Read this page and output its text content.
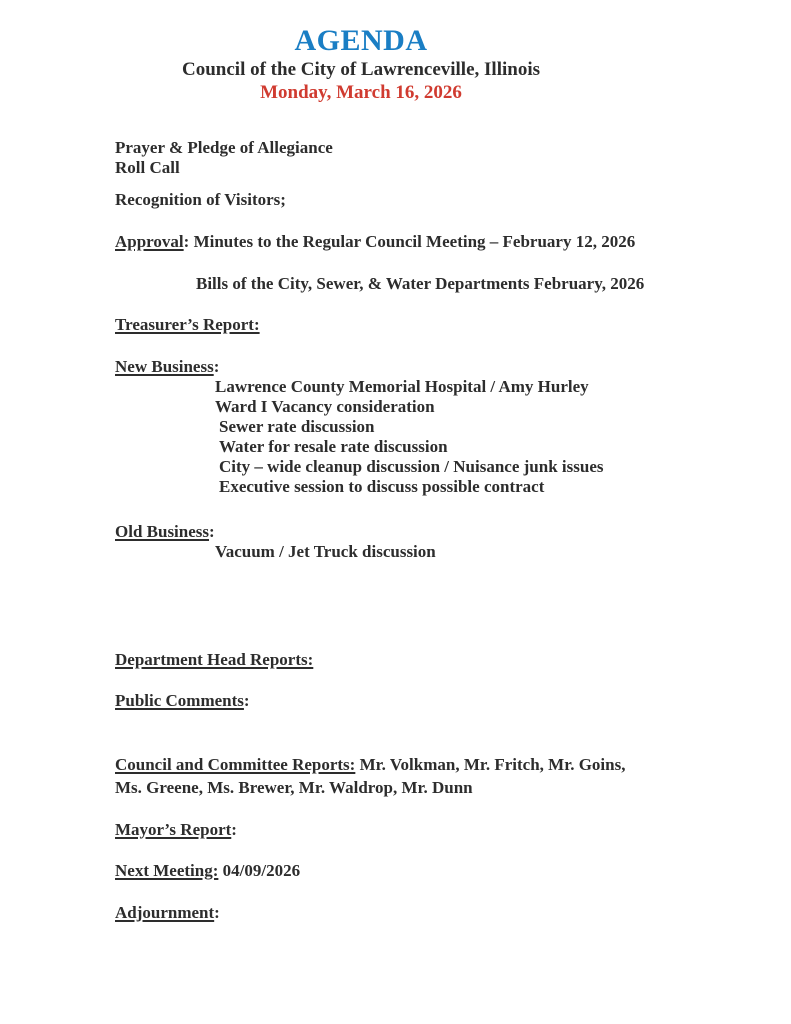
AGENDA
Council of the City of Lawrenceville, Illinois
Monday, March 16, 2026

Prayer & Pledge of Allegiance

Roll Call

Recognition of Visitors;

Approval: Minutes to the Regular Council Meeting – February 12, 2026

Bills of the City, Sewer, & Water Departments February, 2026

Treasurer’s Report:

New Business:

Lawrence County Memorial Hospital / Amy Hurley

Ward I Vacancy consideration

Sewer rate discussion

Water for resale rate discussion

City – wide cleanup discussion / Nuisance junk issues

Executive session to discuss possible contract

Old Business:

Vacuum / Jet Truck discussion

Department Head Reports:

Public Comments:

Council and Committee Reports: Mr. Volkman, Mr. Fritch, Mr. Goins,

Ms. Greene, Ms. Brewer, Mr. Waldrop, Mr. Dunn

Mayor’s Report:

Next Meeting: 04/09/2026

Adjournment:
